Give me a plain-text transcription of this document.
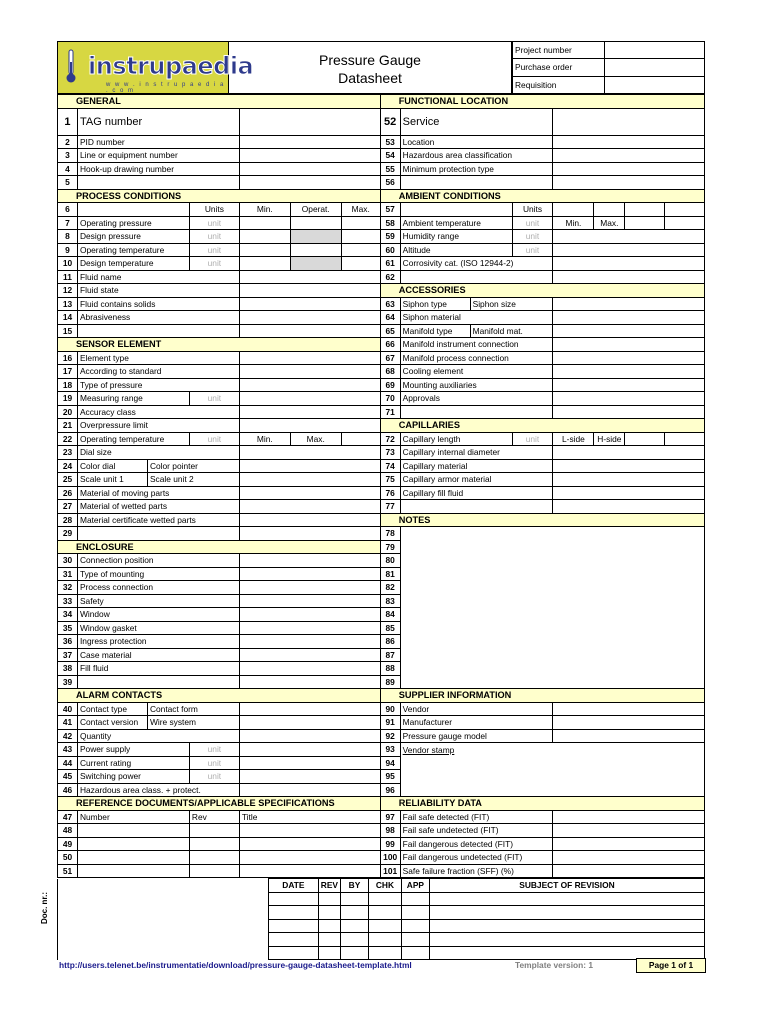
instrupaedia
w w w . i n s t r u p a e d i a . c o m
Pressure Gauge
Datasheet
Project number	
Purchase order	
Requisition	
GENERAL							FUNCTIONAL LOCATION							
1	TAG number						52	Service						
2	PID number						53	Location						
3	Line or equipment number						54	Hazardous area classification						
4	Hook-up drawing number						55	Minimum protection type						
5							56							
PROCESS CONDITIONS							AMBIENT CONDITIONS							
6			Units	Min.	Operat.	Max.	57			Units				
7	Operating pressure		unit				58	Ambient temperature		unit	Min.	Max.		
8	Design pressure		unit				59	Humidity range		unit				
9	Operating temperature		unit				60	Altitude		unit				
10	Design temperature		unit				61	Corrosivity cat. (ISO 12944-2)						
11	Fluid name						62							
12	Fluid state						ACCESSORIES							
13	Fluid contains solids						63	Siphon type	Siphon size					
14	Abrasiveness						64	Siphon material						
15							65	Manifold type	Manifold mat.					
SENSOR ELEMENT							66	Manifold instrument connection						
16	Element type						67	Manifold process connection						
17	According to standard						68	Cooling element						
18	Type of pressure						69	Mounting auxiliaries						
19	Measuring range		unit				70	Approvals						
20	Accuracy class						71							
21	Overpressure limit						CAPILLARIES							
22	Operating temperature		unit	Min.	Max.		72	Capillary length		unit	L-side	H-side		
23	Dial size						73	Capillary internal diameter						
24	Color dial	Color pointer					74	Capillary material						
25	Scale unit 1	Scale unit 2					75	Capillary armor material						
26	Material of moving parts						76	Capillary fill fluid						
27	Material of wetted parts						77							
28	Material certificate wetted parts						NOTES							
29							78							
ENCLOSURE							79							
30	Connection position						80							
31	Type of mounting						81							
32	Process connection						82							
33	Safety						83							
34	Window						84							
35	Window gasket						85							
36	Ingress protection						86							
37	Case material						87							
38	Fill fluid						88							
39							89							
ALARM CONTACTS							SUPPLIER INFORMATION							
40	Contact type	Contact form					90	Vendor						
41	Contact version	Wire system					91	Manufacturer						
42	Quantity						92	Pressure gauge model						
43	Power supply		unit				93	Vendor stamp						
44	Current rating		unit				94							
45	Switching power		unit				95							
46	Hazardous area class. + protect.						96							
REFERENCE DOCUMENTS/APPLICABLE SPECIFICATIONS							RELIABILITY DATA							
47	Number		Rev	Title			97	Fail safe detected (FIT)						
48							98	Fail safe undetected (FIT)						
49							99	Fail dangerous detected (FIT)						
50							100	Fail dangerous undetected (FIT)						
51							101	Safe failure fraction (SFF) (%)						
	DATE	REV	BY	CHK	APP	SUBJECT OF REVISION

Doc. nr.:
http://users.telenet.be/instrumentatie/download/pressure-gauge-datasheet-template.html	Template version: 1	Page 1 of 1
